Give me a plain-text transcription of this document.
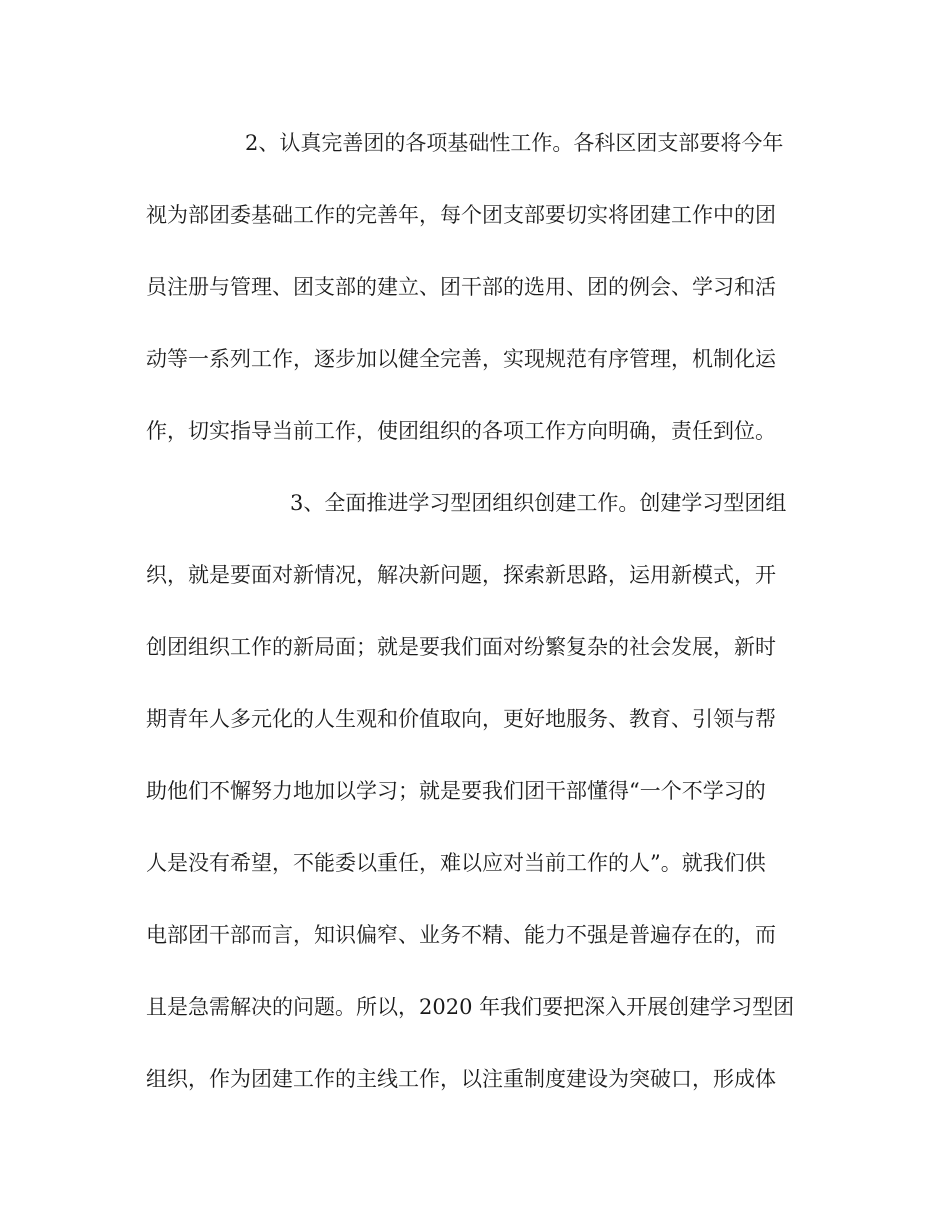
2、认真完善团的各项基础性工作。各科区团支部要将今年
视为部团委基础工作的完善年，每个团支部要切实将团建工作中的团
员注册与管理、团支部的建立、团干部的选用、团的例会、学习和活
动等一系列工作，逐步加以健全完善，实现规范有序管理，机制化运
作，切实指导当前工作，使团组织的各项工作方向明确，责任到位。
3、全面推进学习型团组织创建工作。创建学习型团组
织，就是要面对新情况，解决新问题，探索新思路，运用新模式，开
创团组织工作的新局面；就是要我们面对纷繁复杂的社会发展，新时
期青年人多元化的人生观和价值取向，更好地服务、教育、引领与帮
助他们不懈努力地加以学习；就是要我们团干部懂得“一个不学习的
人是没有希望，不能委以重任，难以应对当前工作的人”。就我们供
电部团干部而言，知识偏窄、业务不精、能力不强是普遍存在的，而
且是急需解决的问题。所以，2020 年我们要把深入开展创建学习型团
组织，作为团建工作的主线工作，以注重制度建设为突破口，形成体
